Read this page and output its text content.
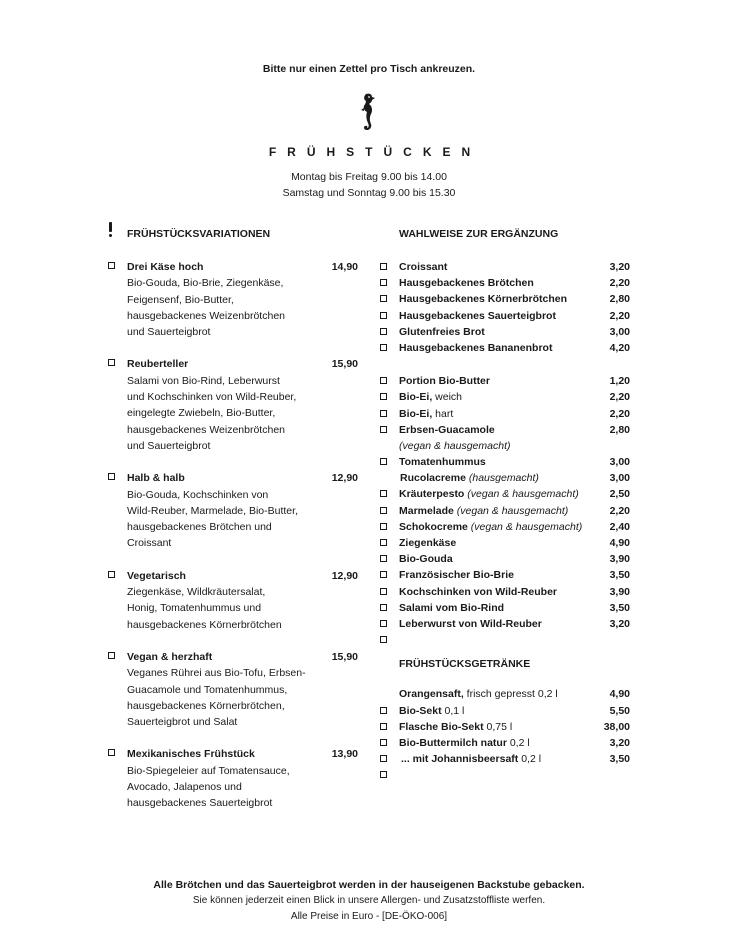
Bitte nur einen Zettel pro Tisch ankreuzen.
FRÜHSTÜCKEN
Montag bis Freitag 9.00 bis 14.00
Samstag und Sonntag 9.00 bis 15.30
FRÜHSTÜCKSVARIATIONEN
Drei Käse hoch	14,90
Bio-Gouda, Bio-Brie, Ziegenkäse,
Feigensenf, Bio-Butter,
hausgebackenes Weizenbrötchen
und Sauerteigbrot
Reuberteller	15,90
Salami von Bio-Rind, Leberwurst
und Kochschinken von Wild-Reuber,
eingelegte Zwiebeln, Bio-Butter,
hausgebackenes Weizenbrötchen
und Sauerteigbrot
Halb & halb	12,90
Bio-Gouda, Kochschinken von
Wild-Reuber, Marmelade, Bio-Butter,
hausgebackenes Brötchen und
Croissant
Vegetarisch	12,90
Ziegenkäse, Wildkräutersalat,
Honig, Tomatenhummus und
hausgebackenes Körnerbrötchen
Vegan & herzhaft	15,90
Veganes Rührei aus Bio-Tofu, Erbsen-
Guacamole und Tomatenhummus,
hausgebackenes Körnerbrötchen,
Sauerteigbrot und Salat
Mexikanisches Frühstück	13,90
Bio-Spiegeleier auf Tomatensauce,
Avocado, Jalapenos und
hausgebackenes Sauerteigbrot
WAHLWEISE ZUR ERGÄNZUNG
Croissant	3,20
Hausgebackenes Brötchen	2,20
Hausgebackenes Körnerbrötchen	2,80
Hausgebackenes Sauerteigbrot	2,20
Glutenfreies Brot	3,00
Hausgebackenes Bananenbrot	4,20
Portion Bio-Butter	1,20
Bio-Ei, weich	2,20
Bio-Ei, hart	2,20
Erbsen-Guacamole	2,80
(vegan & hausgemacht)
Tomatenhummus	3,00
Rucolacreme (hausgemacht)	3,00
Kräuterpesto (vegan & hausgemacht)	2,50
Marmelade (vegan & hausgemacht)	2,20
Schokocreme (vegan & hausgemacht)	2,40
Ziegenkäse	4,90
Bio-Gouda	3,90
Französischer Bio-Brie	3,50
Kochschinken von Wild-Reuber	3,90
Salami vom Bio-Rind	3,50
Leberwurst von Wild-Reuber	3,20
FRÜHSTÜCKSGETRÄNKE
Orangensaft, frisch gepresst 0,2 l	4,90
Bio-Sekt 0,1 l	5,50
Flasche Bio-Sekt 0,75 l	38,00
Bio-Buttermilch natur 0,2 l	3,20
... mit Johannisbeersaft 0,2 l	3,50
Alle Brötchen und das Sauerteigbrot werden in der hauseigenen Backstube gebacken.
Sie können jederzeit einen Blick in unsere Allergen- und Zusatzstoffliste werfen.
Alle Preise in Euro - [DE-ÖKO-006]
